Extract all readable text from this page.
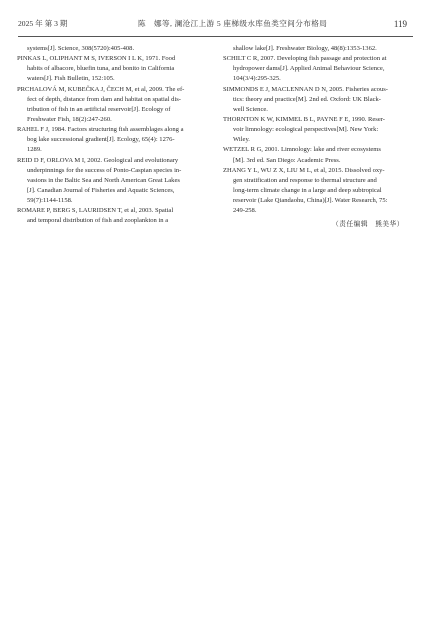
2025 年 第 3 期	陈　娜等, 澜沧江上游 5 座梯级水库鱼类空间分布格局	119
systems[J]. Science, 308(5720):405-408.
PINKAS L, OLIPHANT M S, IVERSON I L K, 1971. Food
habits of albacore, bluefin tuna, and bonito in California
waters[J]. Fish Bulletin, 152:105.
PRCHALOVÁ M, KUBEČKA J, ČECH M, et al, 2009. The ef-
fect of depth, distance from dam and habitat on spatial dis-
tribution of fish in an artificial reservoir[J]. Ecology of
Freshwater Fish, 18(2):247-260.
RAHEL F J, 1984. Factors structuring fish assemblages along a
bog lake successional gradient[J]. Ecology, 65(4): 1276-
1289.
REID D F, ORLOVA M I, 2002. Geological and evolutionary
underpinnings for the success of Ponto-Caspian species in-
vasions in the Baltic Sea and North American Great Lakes
[J]. Canadian Journal of Fisheries and Aquatic Sciences,
59(7):1144-1158.
ROMARE P, BERG S, LAURIDSEN T, et al, 2003. Spatial
and temporal distribution of fish and zooplankton in a
shallow lake[J]. Freshwater Biology, 48(8):1353-1362.
SCHILT C R, 2007. Developing fish passage and protection at
hydropower dams[J]. Applied Animal Behaviour Science,
104(3/4):295-325.
SIMMONDS E J, MACLENNAN D N, 2005. Fisheries acous-
tics: theory and practice[M]. 2nd ed. Oxford: UK Black-
well Science.
THORNTON K W, KIMMEL B L, PAYNE F E, 1990. Reser-
voir limnology: ecological perspectives[M]. New York:
Wiley.
WETZEL R G, 2001. Limnology: lake and river ecosystems
[M]. 3rd ed. San Diego: Academic Press.
ZHANG Y L, WU Z X, LIU M L, et al, 2015. Dissolved oxy-
gen stratification and response to thermal structure and
long-term climate change in a large and deep subtropical
reservoir (Lake Qiandaohu, China)[J]. Water Research, 75:
249-258.
（责任编辑　熊美华）
